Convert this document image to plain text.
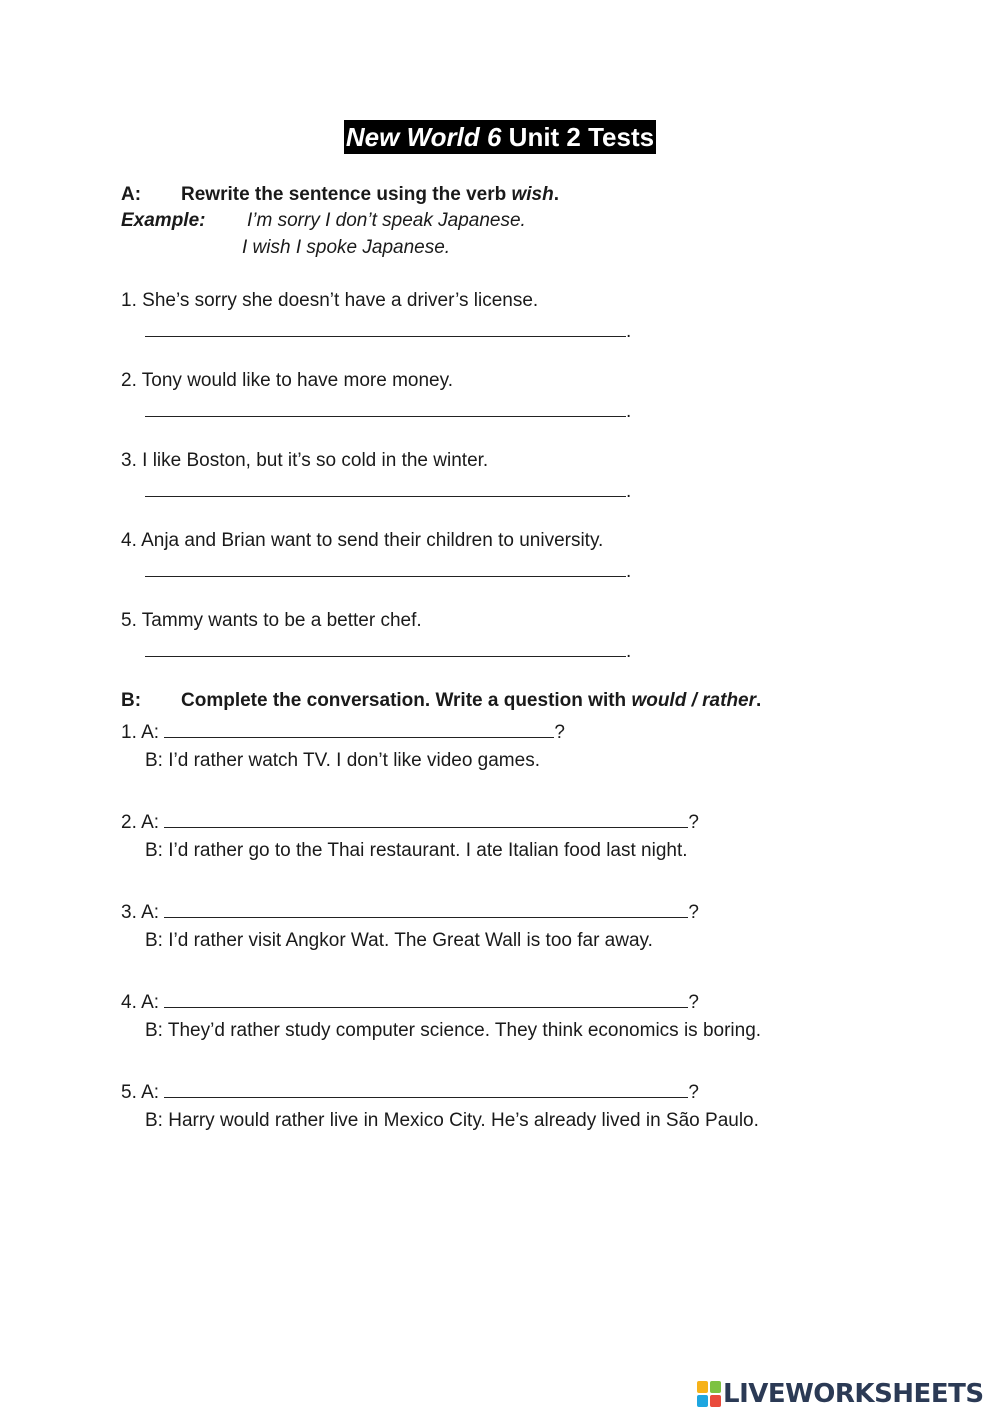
New World 6 Unit 2 Tests
A: Rewrite the sentence using the verb wish.
Example: I’m sorry I don’t speak Japanese.
I wish I spoke Japanese.
1. She’s sorry she doesn’t have a driver’s license.
.
2. Tony would like to have more money.
.
3. I like Boston, but it’s so cold in the winter.
.
4. Anja and Brian want to send their children to university.
.
5. Tammy wants to be a better chef.
.
B: Complete the conversation. Write a question with would / rather.
1. A:	?
B: I’d rather watch TV. I don’t like video games.
2. A:	?
B: I’d rather go to the Thai restaurant. I ate Italian food last night.
3. A:	?
B: I’d rather visit Angkor Wat. The Great Wall is too far away.
4. A:	?
B: They’d rather study computer science. They think economics is boring.
5. A:	?
B: Harry would rather live in Mexico City. He’s already lived in São Paulo.
LIVEWORKSHEETS
